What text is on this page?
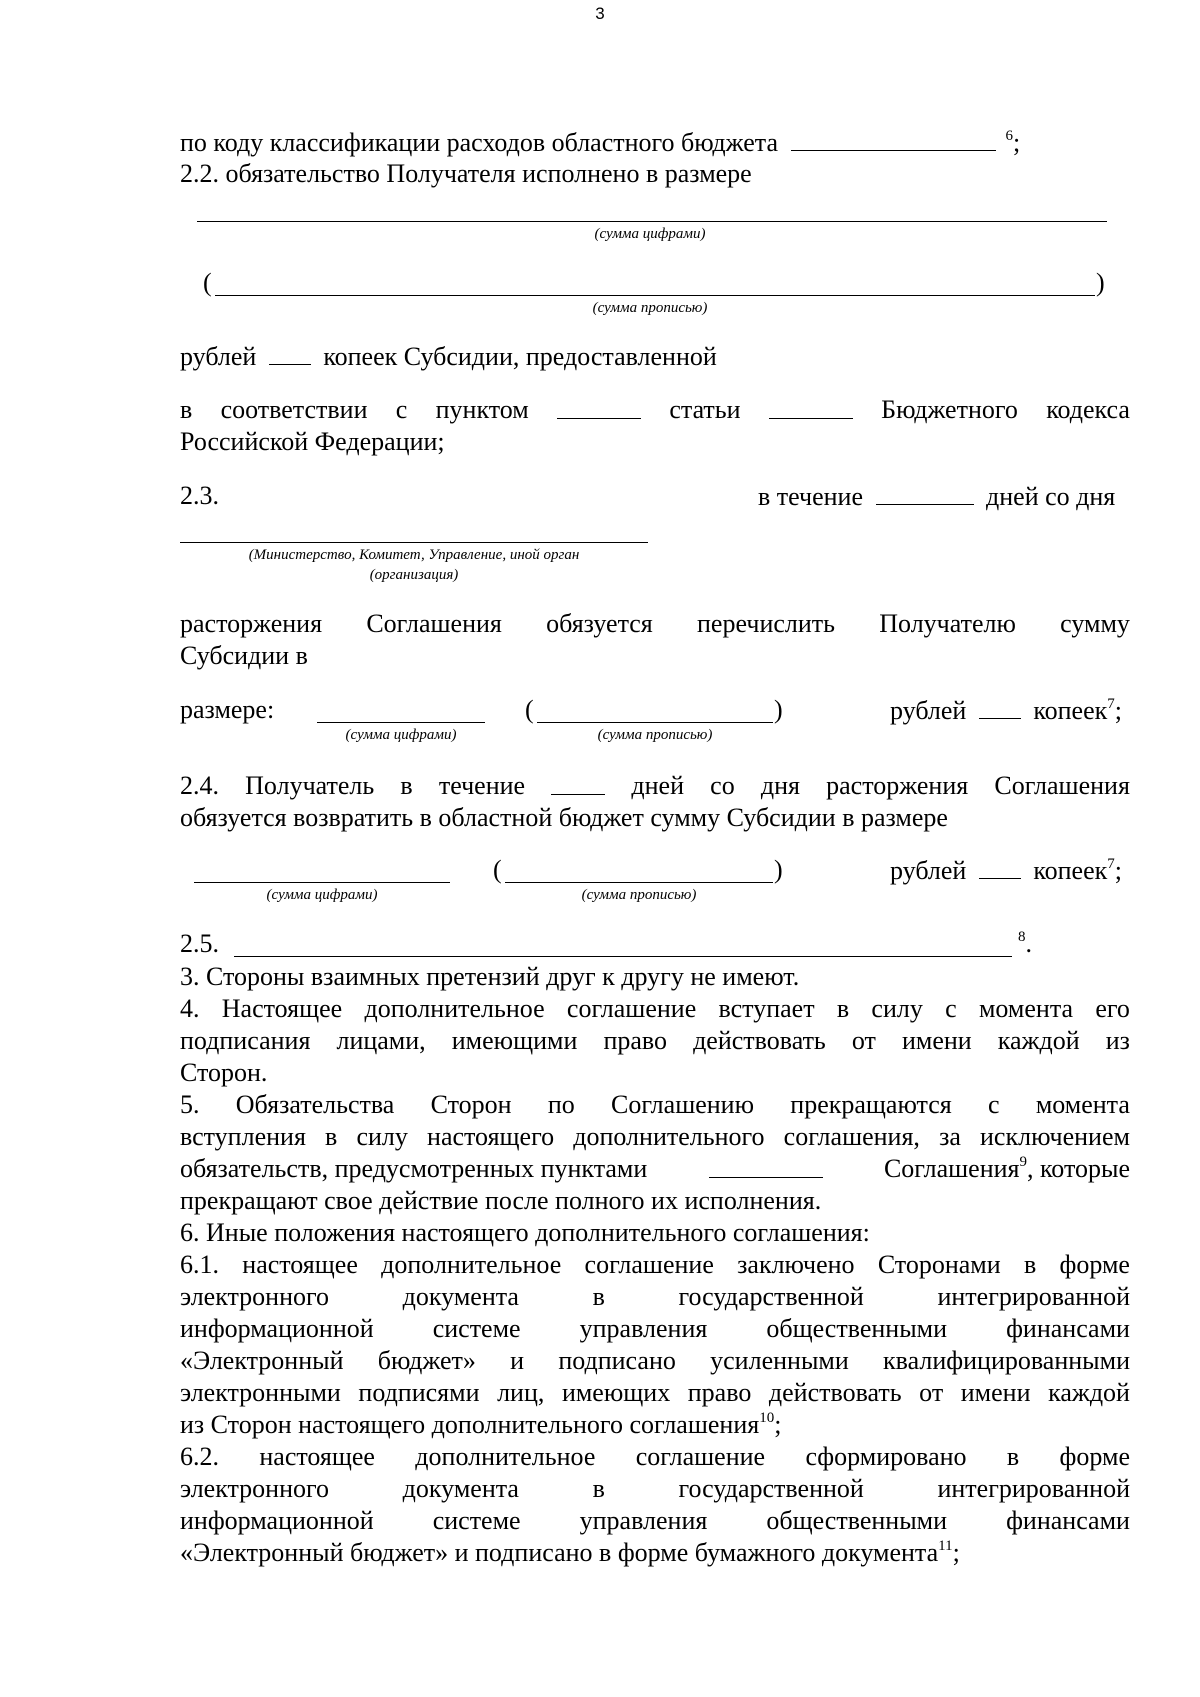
3
по коду классификации расходов областного бюджета	$^6$;
2.2. обязательство Получателя исполнено в размере
(сумма цифрами)
(	)
(сумма прописью)
рублей	копеек Субсидии, предоставленной
в соответствии с пунктом	статьи	Бюджетного кодекса
Российской Федерации;
2.3.	в течение	дней со дня
(Министерство, Комитет, Управление, иной орган
(организация)
расторжения Соглашения обязуется перечислить Получателю сумму
Субсидии в
размере:	(	)	рублей	копеек$^7$;
(сумма цифрами)	(сумма прописью)
2.4. Получатель в течение	дней со дня расторжения Соглашения
обязуется возвратить в областной бюджет сумму Субсидии в размере
(	)	рублей	копеек$^7$;
(сумма цифрами)	(сумма прописью)
2.5.	$^8$.
3. Стороны взаимных претензий друг к другу не имеют.
4. Настоящее дополнительное соглашение вступает в силу с момента его
подписания лицами, имеющими право действовать от имени каждой из
Сторон.
5. Обязательства Сторон по Соглашению прекращаются с момента
вступления в силу настоящего дополнительного соглашения, за исключением
обязательств, предусмотренных пунктами	Соглашения$^9$, которые
прекращают свое действие после полного их исполнения.
6. Иные положения настоящего дополнительного соглашения:
6.1. настоящее дополнительное соглашение заключено Сторонами в форме
электронного	документа	в	государственной	интегрированной
информационной системе управления общественными финансами
«Электронный бюджет» и подписано усиленными квалифицированными
электронными подписями лиц, имеющих право действовать от имени каждой
из Сторон настоящего дополнительного соглашения$^{10}$;
6.2. настоящее дополнительное соглашение сформировано в форме
электронного	документа	в	государственной	интегрированной
информационной системе управления общественными финансами
«Электронный бюджет» и подписано в форме бумажного документа$^{11}$;
